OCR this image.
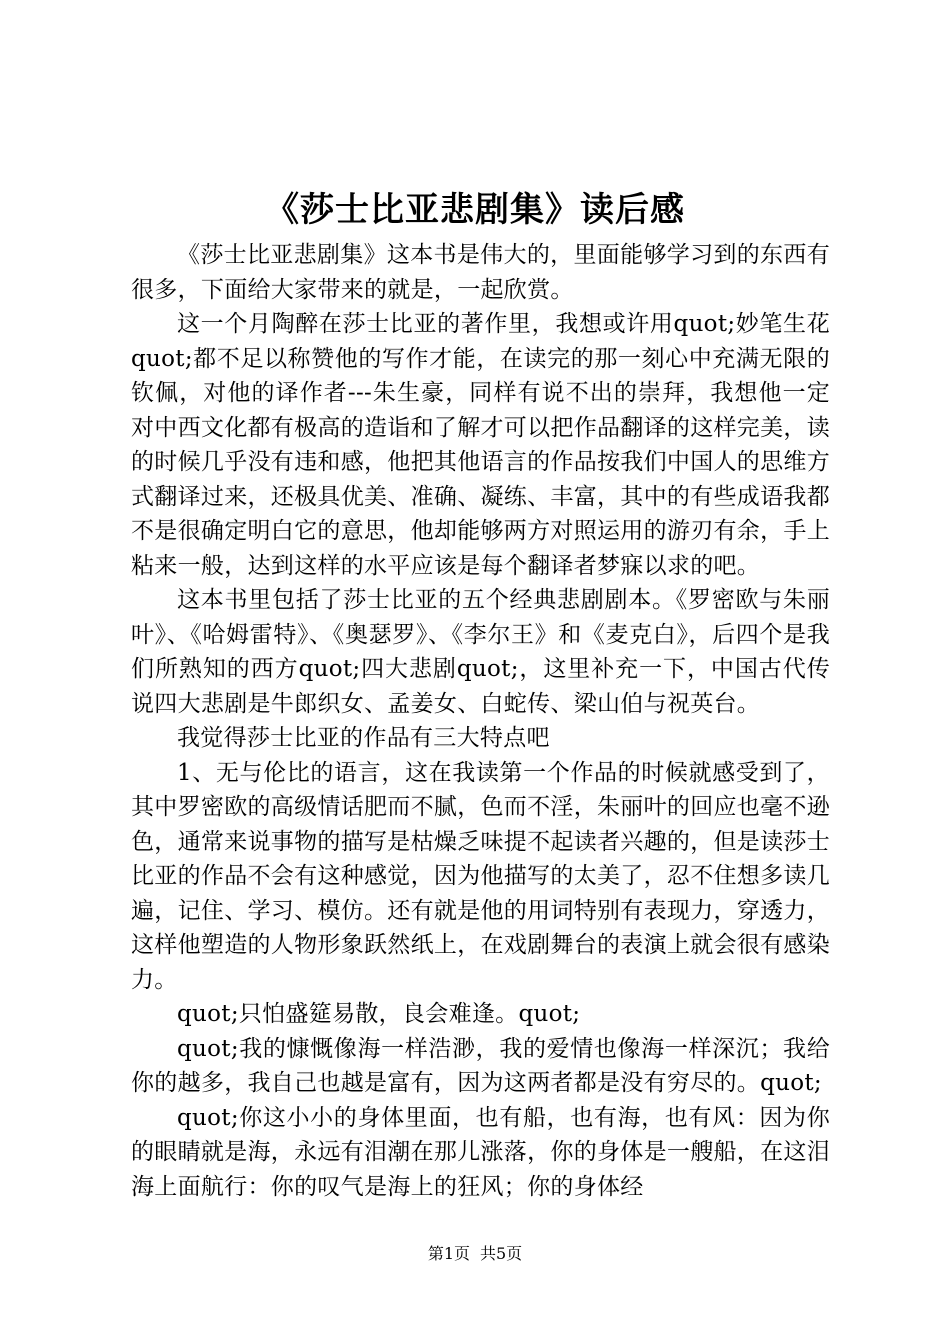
《莎士比亚悲剧集》读后感

《莎士比亚悲剧集》这本书是伟大的，里面能够学习到的东西有很多，下面给大家带来的就是，一起欣赏。

这一个月陶醉在莎士比亚的著作里，我想或许用quot;妙笔生花quot;都不足以称赞他的写作才能，在读完的那一刻心中充满无限的钦佩，对他的译作者---朱生豪，同样有说不出的崇拜，我想他一定对中西文化都有极高的造诣和了解才可以把作品翻译的这样完美，读的时候几乎没有违和感，他把其他语言的作品按我们中国人的思维方式翻译过来，还极具优美、准确、凝练、丰富，其中的有些成语我都不是很确定明白它的意思，他却能够两方对照运用的游刃有余，手上粘来一般，达到这样的水平应该是每个翻译者梦寐以求的吧。

这本书里包括了莎士比亚的五个经典悲剧剧本。《罗密欧与朱丽叶》、《哈姆雷特》、《奥瑟罗》、《李尔王》和《麦克白》，后四个是我们所熟知的西方quot;四大悲剧quot;，这里补充一下，中国古代传说四大悲剧是牛郎织女、孟姜女、白蛇传、梁山伯与祝英台。

我觉得莎士比亚的作品有三大特点吧

1、无与伦比的语言，这在我读第一个作品的时候就感受到了，其中罗密欧的高级情话肥而不腻，色而不淫，朱丽叶的回应也毫不逊色，通常来说事物的描写是枯燥乏味提不起读者兴趣的，但是读莎士比亚的作品不会有这种感觉，因为他描写的太美了，忍不住想多读几遍，记住、学习、模仿。还有就是他的用词特别有表现力，穿透力，这样他塑造的人物形象跃然纸上，在戏剧舞台的表演上就会很有感染力。

quot;只怕盛筵易散，良会难逢。quot;

quot;我的慷慨像海一样浩渺，我的爱情也像海一样深沉；我给你的越多，我自己也越是富有，因为这两者都是没有穷尽的。quot;

quot;你这小小的身体里面，也有船，也有海，也有风：因为你的眼睛就是海，永远有泪潮在那儿涨落，你的身体是一艘船，在这泪海上面航行：你的叹气是海上的狂风；你的身体经

第1页 共5页
